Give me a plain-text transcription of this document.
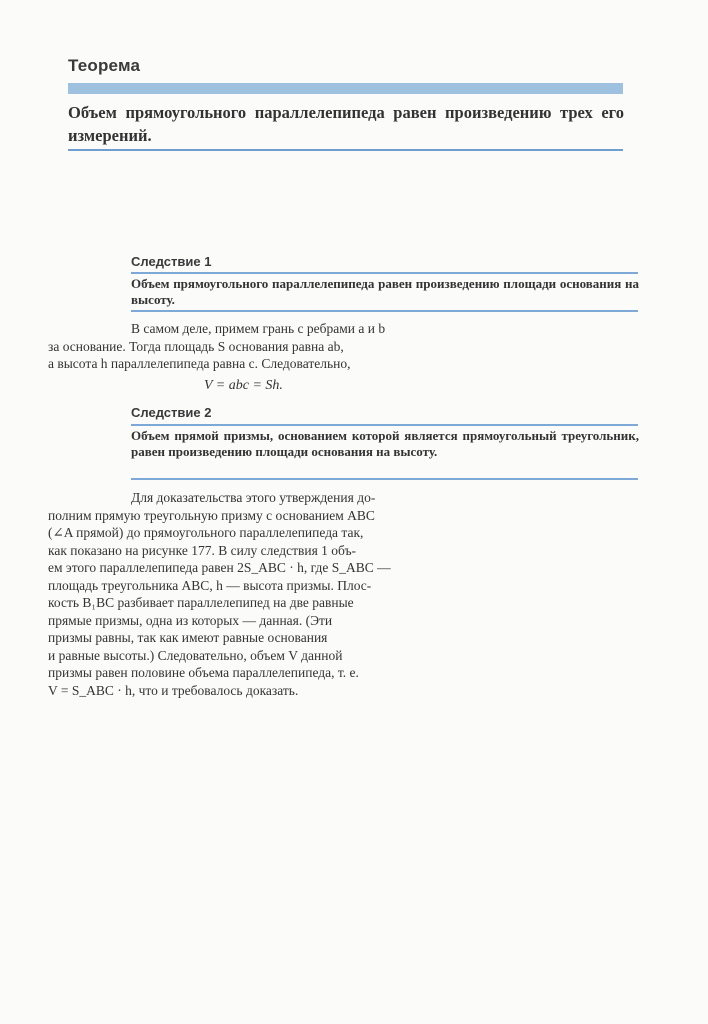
Теорема
Объем прямоугольного параллелепипеда равен произведению трех его измерений.
Следствие 1
Объем прямоугольного параллелепипеда равен произведению площади основания на высоту.
В самом деле, примем грань с ребрами a и b
за основание. Тогда площадь S основания равна ab,
а высота h параллелепипеда равна c. Следовательно,
V = abc = Sh.
Следствие 2
Объем прямой призмы, основанием которой является прямоугольный треугольник, равен произведению площади основания на высоту.
Для доказательства этого утверждения до-
полним прямую треугольную призму с основанием ABC
(∠A прямой) до прямоугольного параллелепипеда так,
как показано на рисунке 177. В силу следствия 1 объ-
ем этого параллелепипеда равен 2S_ABC · h, где S_ABC —
площадь треугольника ABC, h — высота призмы. Плос-
кость B₁BC разбивает параллелепипед на две равные
прямые призмы, одна из которых — данная. (Эти
призмы равны, так как имеют равные основания
и равные высоты.) Следовательно, объем V данной
призмы равен половине объема параллелепипеда, т. е.
V = S_ABC · h, что и требовалось доказать.
